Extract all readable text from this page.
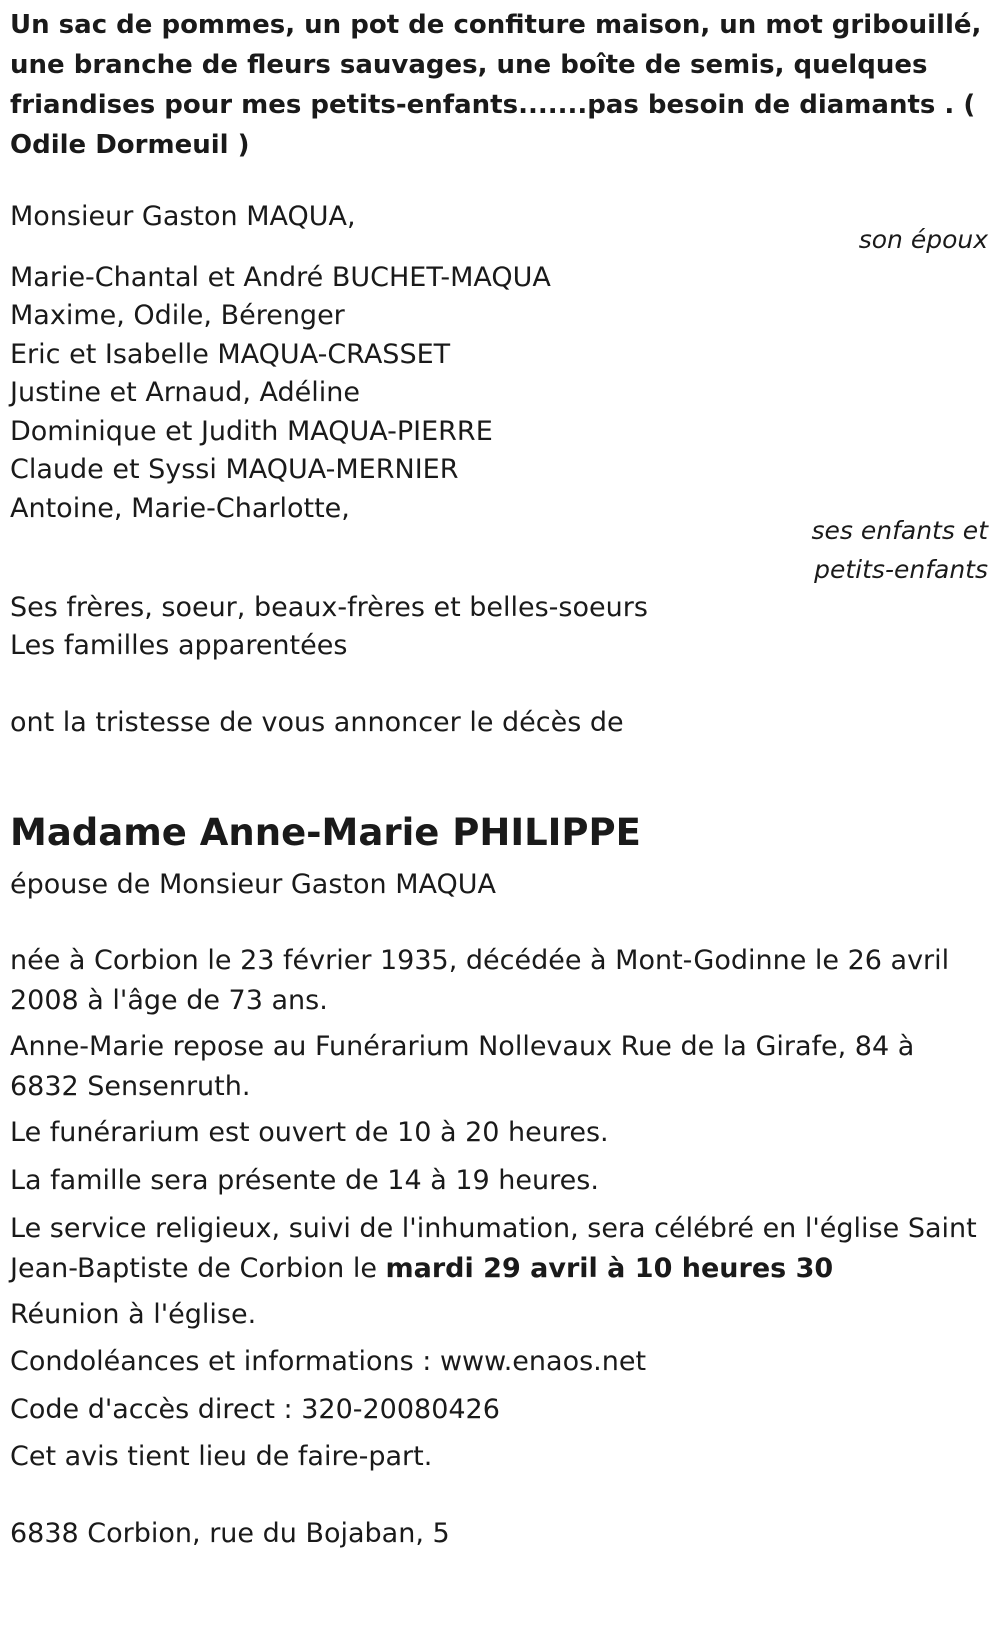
Un sac de pommes, un pot de confiture maison, un mot gribouillé, une branche de fleurs sauvages, une boîte de semis, quelques friandises pour mes petits-enfants.......pas besoin de diamants . ( Odile Dormeuil )

Monsieur Gaston MAQUA,

son époux

Marie-Chantal et André BUCHET-MAQUA

Maxime, Odile, Bérenger

Eric et Isabelle MAQUA-CRASSET

Justine et Arnaud, Adéline

Dominique et Judith MAQUA-PIERRE

Claude et Syssi MAQUA-MERNIER

Antoine, Marie-Charlotte,

ses enfants et

petits-enfants

Ses frères, soeur, beaux-frères et belles-soeurs

Les familles apparentées

ont la tristesse de vous annoncer le décès de

Madame Anne-Marie PHILIPPE

épouse de Monsieur Gaston MAQUA

née à Corbion le 23 février 1935, décédée à Mont-Godinne le 26 avril 2008 à l'âge de 73 ans.

Anne-Marie repose au Funérarium Nollevaux Rue de la Girafe, 84 à 6832 Sensenruth.

Le funérarium est ouvert de 10 à 20 heures.

La famille sera présente de 14 à 19 heures.

Le service religieux, suivi de l'inhumation, sera célébré en l'église Saint Jean-Baptiste de Corbion le mardi 29 avril à 10 heures 30

Réunion à l'église.

Condoléances et informations : www.enaos.net

Code d'accès direct : 320-20080426

Cet avis tient lieu de faire-part.

6838 Corbion, rue du Bojaban, 5
